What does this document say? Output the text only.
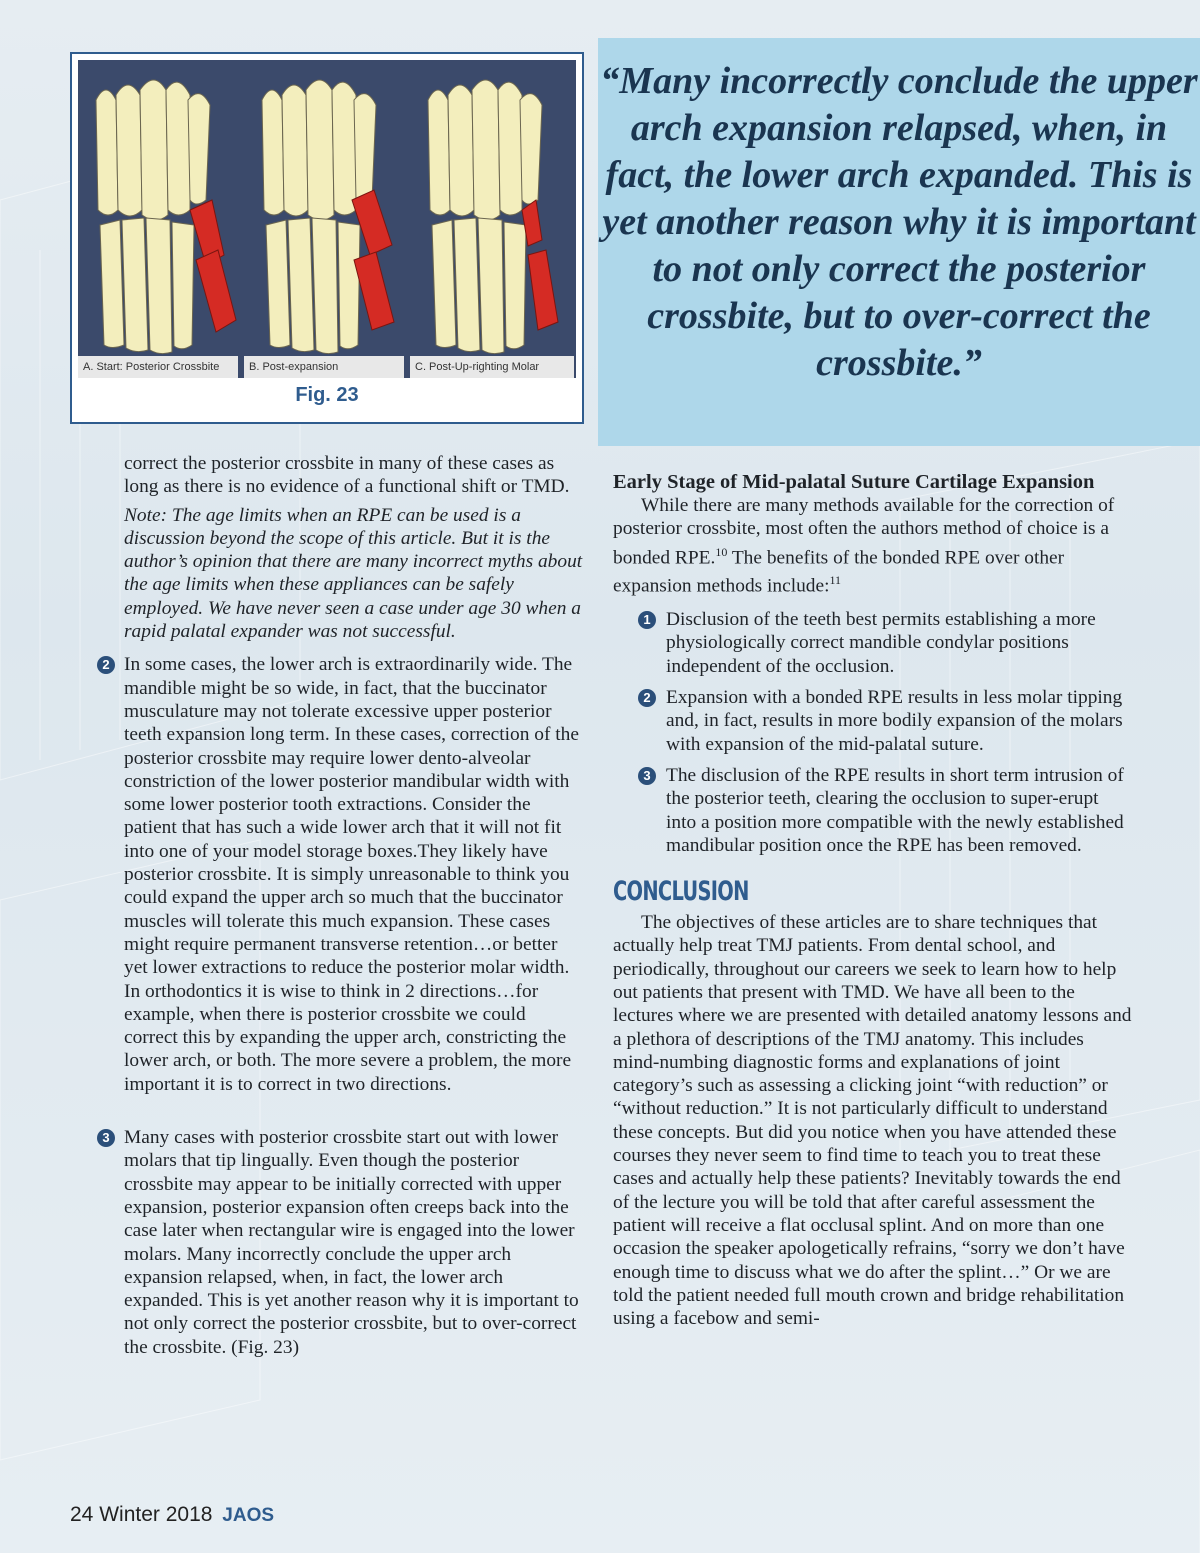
A. Start: Posterior Crossbite	B. Post-expansion	C. Post-Up-righting Molar
Fig. 23

“Many incorrectly conclude the upper arch expansion relapsed, when, in fact, the lower arch expanded. This is yet another reason why it is important to not only correct the posterior crossbite, but to over-correct the crossbite.”

correct the posterior crossbite in many of these cases as long as there is no evidence of a functional shift or TMD.

Note: The age limits when an RPE can be used is a discussion beyond the scope of this article. But it is the author’s opinion that there are many incorrect myths about the age limits when these appliances can be safely employed. We have never seen a case under age 30 when a rapid palatal expander was not successful.

2 In some cases, the lower arch is extraordinarily wide. The mandible might be so wide, in fact, that the buccinator musculature may not tolerate excessive upper posterior teeth expansion long term. In these cases, correction of the posterior crossbite may require lower dento-alveolar constriction of the lower posterior mandibular width with some lower posterior tooth extractions. Consider the patient that has such a wide lower arch that it will not fit into one of your model storage boxes.They likely have posterior crossbite. It is simply unreasonable to think you could expand the upper arch so much that the buccinator muscles will tolerate this much expansion. These cases might require permanent transverse retention…or better yet lower extractions to reduce the posterior molar width. In orthodontics it is wise to think in 2 directions…for example, when there is posterior crossbite we could correct this by expanding the upper arch, constricting the lower arch, or both. The more severe a problem, the more important it is to correct in two directions.

3 Many cases with posterior crossbite start out with lower molars that tip lingually. Even though the posterior crossbite may appear to be initially corrected with upper expansion, posterior expansion often creeps back into the case later when rectangular wire is engaged into the lower molars. Many incorrectly conclude the upper arch expansion relapsed, when, in fact, the lower arch expanded. This is yet another reason why it is important to not only correct the posterior crossbite, but to over-correct the crossbite. (Fig. 23)

Early Stage of Mid-palatal Suture Cartilage Expansion

While there are many methods available for the correction of posterior crossbite, most often the authors method of choice is a bonded RPE.$^{10}$ The benefits of the bonded RPE over other expansion methods include:$^{11}$

1 Disclusion of the teeth best permits establishing a more physiologically correct mandible condylar positions independent of the occlusion.

2 Expansion with a bonded RPE results in less molar tipping and, in fact, results in more bodily expansion of the molars with expansion of the mid-palatal suture.

3 The disclusion of the RPE results in short term intrusion of the posterior teeth, clearing the occlusion to super-erupt into a position more compatible with the newly established mandibular position once the RPE has been removed.

CONCLUSION

The objectives of these articles are to share techniques that actually help treat TMJ patients. From dental school, and periodically, throughout our careers we seek to learn how to help out patients that present with TMD. We have all been to the lectures where we are presented with detailed anatomy lessons and a plethora of descriptions of the TMJ anatomy. This includes mind-numbing diagnostic forms and explanations of joint category’s such as assessing a clicking joint “with reduction” or “without reduction.” It is not particularly difficult to understand these concepts. But did you notice when you have attended these courses they never seem to find time to teach you to treat these cases and actually help these patients? Inevitably towards the end of the lecture you will be told that after careful assessment the patient will receive a flat occlusal splint. And on more than one occasion the speaker apologetically refrains, “sorry we don’t have enough time to discuss what we do after the splint…” Or we are told the patient needed full mouth crown and bridge rehabilitation using a facebow and semi-

24 Winter 2018 JAOS
